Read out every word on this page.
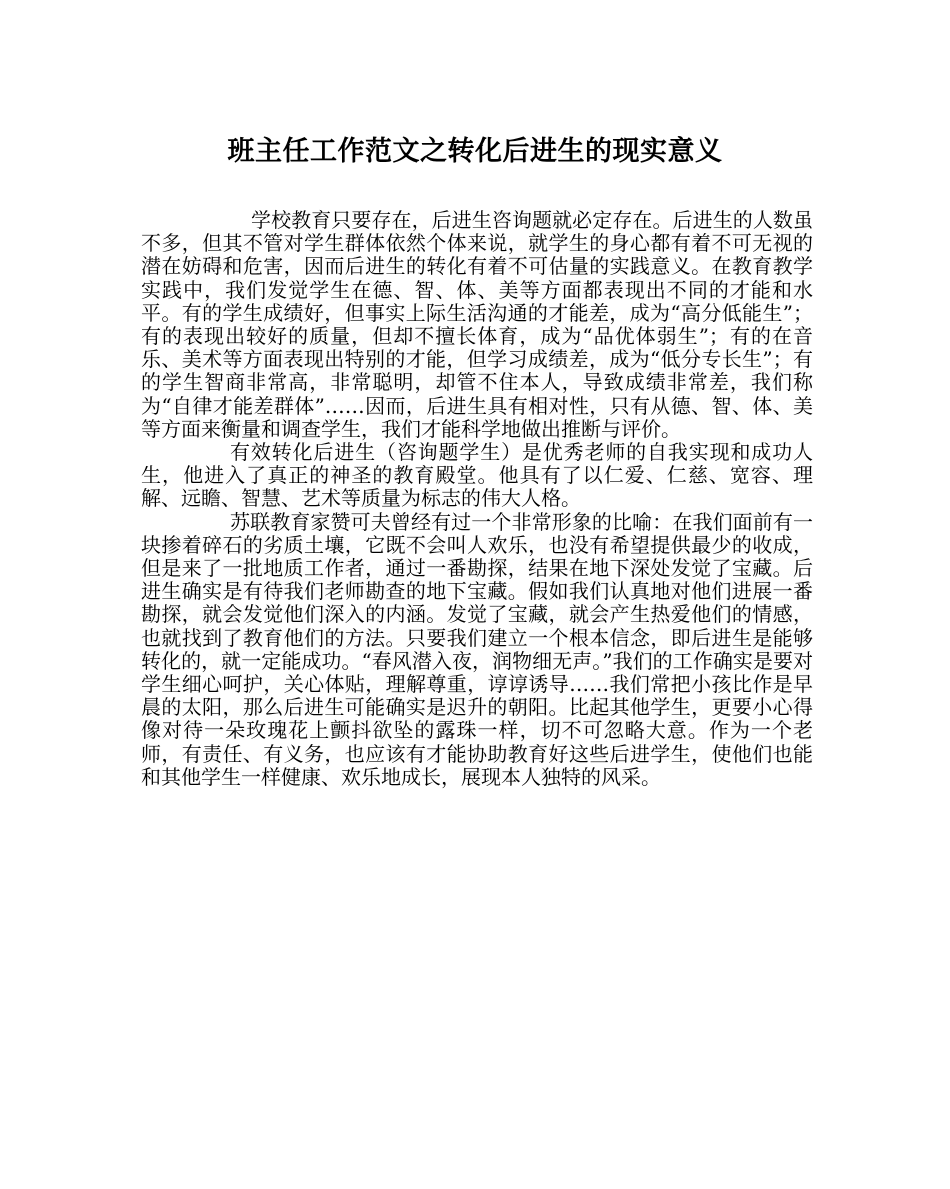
班主任工作范文之转化后进生的现实意义

学校教育只要存在，后进生咨询题就必定存在。后进生的人数虽不多，但其不管对学生群体依然个体来说，就学生的身心都有着不可无视的潜在妨碍和危害，因而后进生的转化有着不可估量的实践意义。在教育教学实践中，我们发觉学生在德、智、体、美等方面都表现出不同的才能和水平。有的学生成绩好，但事实上际生活沟通的才能差，成为“高分低能生”；有的表现出较好的质量，但却不擅长体育，成为“品优体弱生”；有的在音乐、美术等方面表现出特别的才能，但学习成绩差，成为“低分专长生”；有的学生智商非常高，非常聪明，却管不住本人，导致成绩非常差，我们称为“自律才能差群体”……因而，后进生具有相对性，只有从德、智、体、美等方面来衡量和调查学生，我们才能科学地做出推断与评价。

有效转化后进生（咨询题学生）是优秀老师的自我实现和成功人生，他进入了真正的神圣的教育殿堂。他具有了以仁爱、仁慈、宽容、理解、远瞻、智慧、艺术等质量为标志的伟大人格。

苏联教育家赞可夫曾经有过一个非常形象的比喻：在我们面前有一块掺着碎石的劣质土壤，它既不会叫人欢乐，也没有希望提供最少的收成，但是来了一批地质工作者，通过一番勘探，结果在地下深处发觉了宝藏。后进生确实是有待我们老师勘查的地下宝藏。假如我们认真地对他们进展一番勘探，就会发觉他们深入的内涵。发觉了宝藏，就会产生热爱他们的情感，也就找到了教育他们的方法。只要我们建立一个根本信念，即后进生是能够转化的，就一定能成功。“春风潜入夜，润物细无声。”我们的工作确实是要对学生细心呵护，关心体贴，理解尊重，谆谆诱导……我们常把小孩比作是早晨的太阳，那么后进生可能确实是迟升的朝阳。比起其他学生，更要小心得像对待一朵玫瑰花上颤抖欲坠的露珠一样，切不可忽略大意。作为一个老师，有责任、有义务，也应该有才能协助教育好这些后进学生，使他们也能和其他学生一样健康、欢乐地成长，展现本人独特的风采。
